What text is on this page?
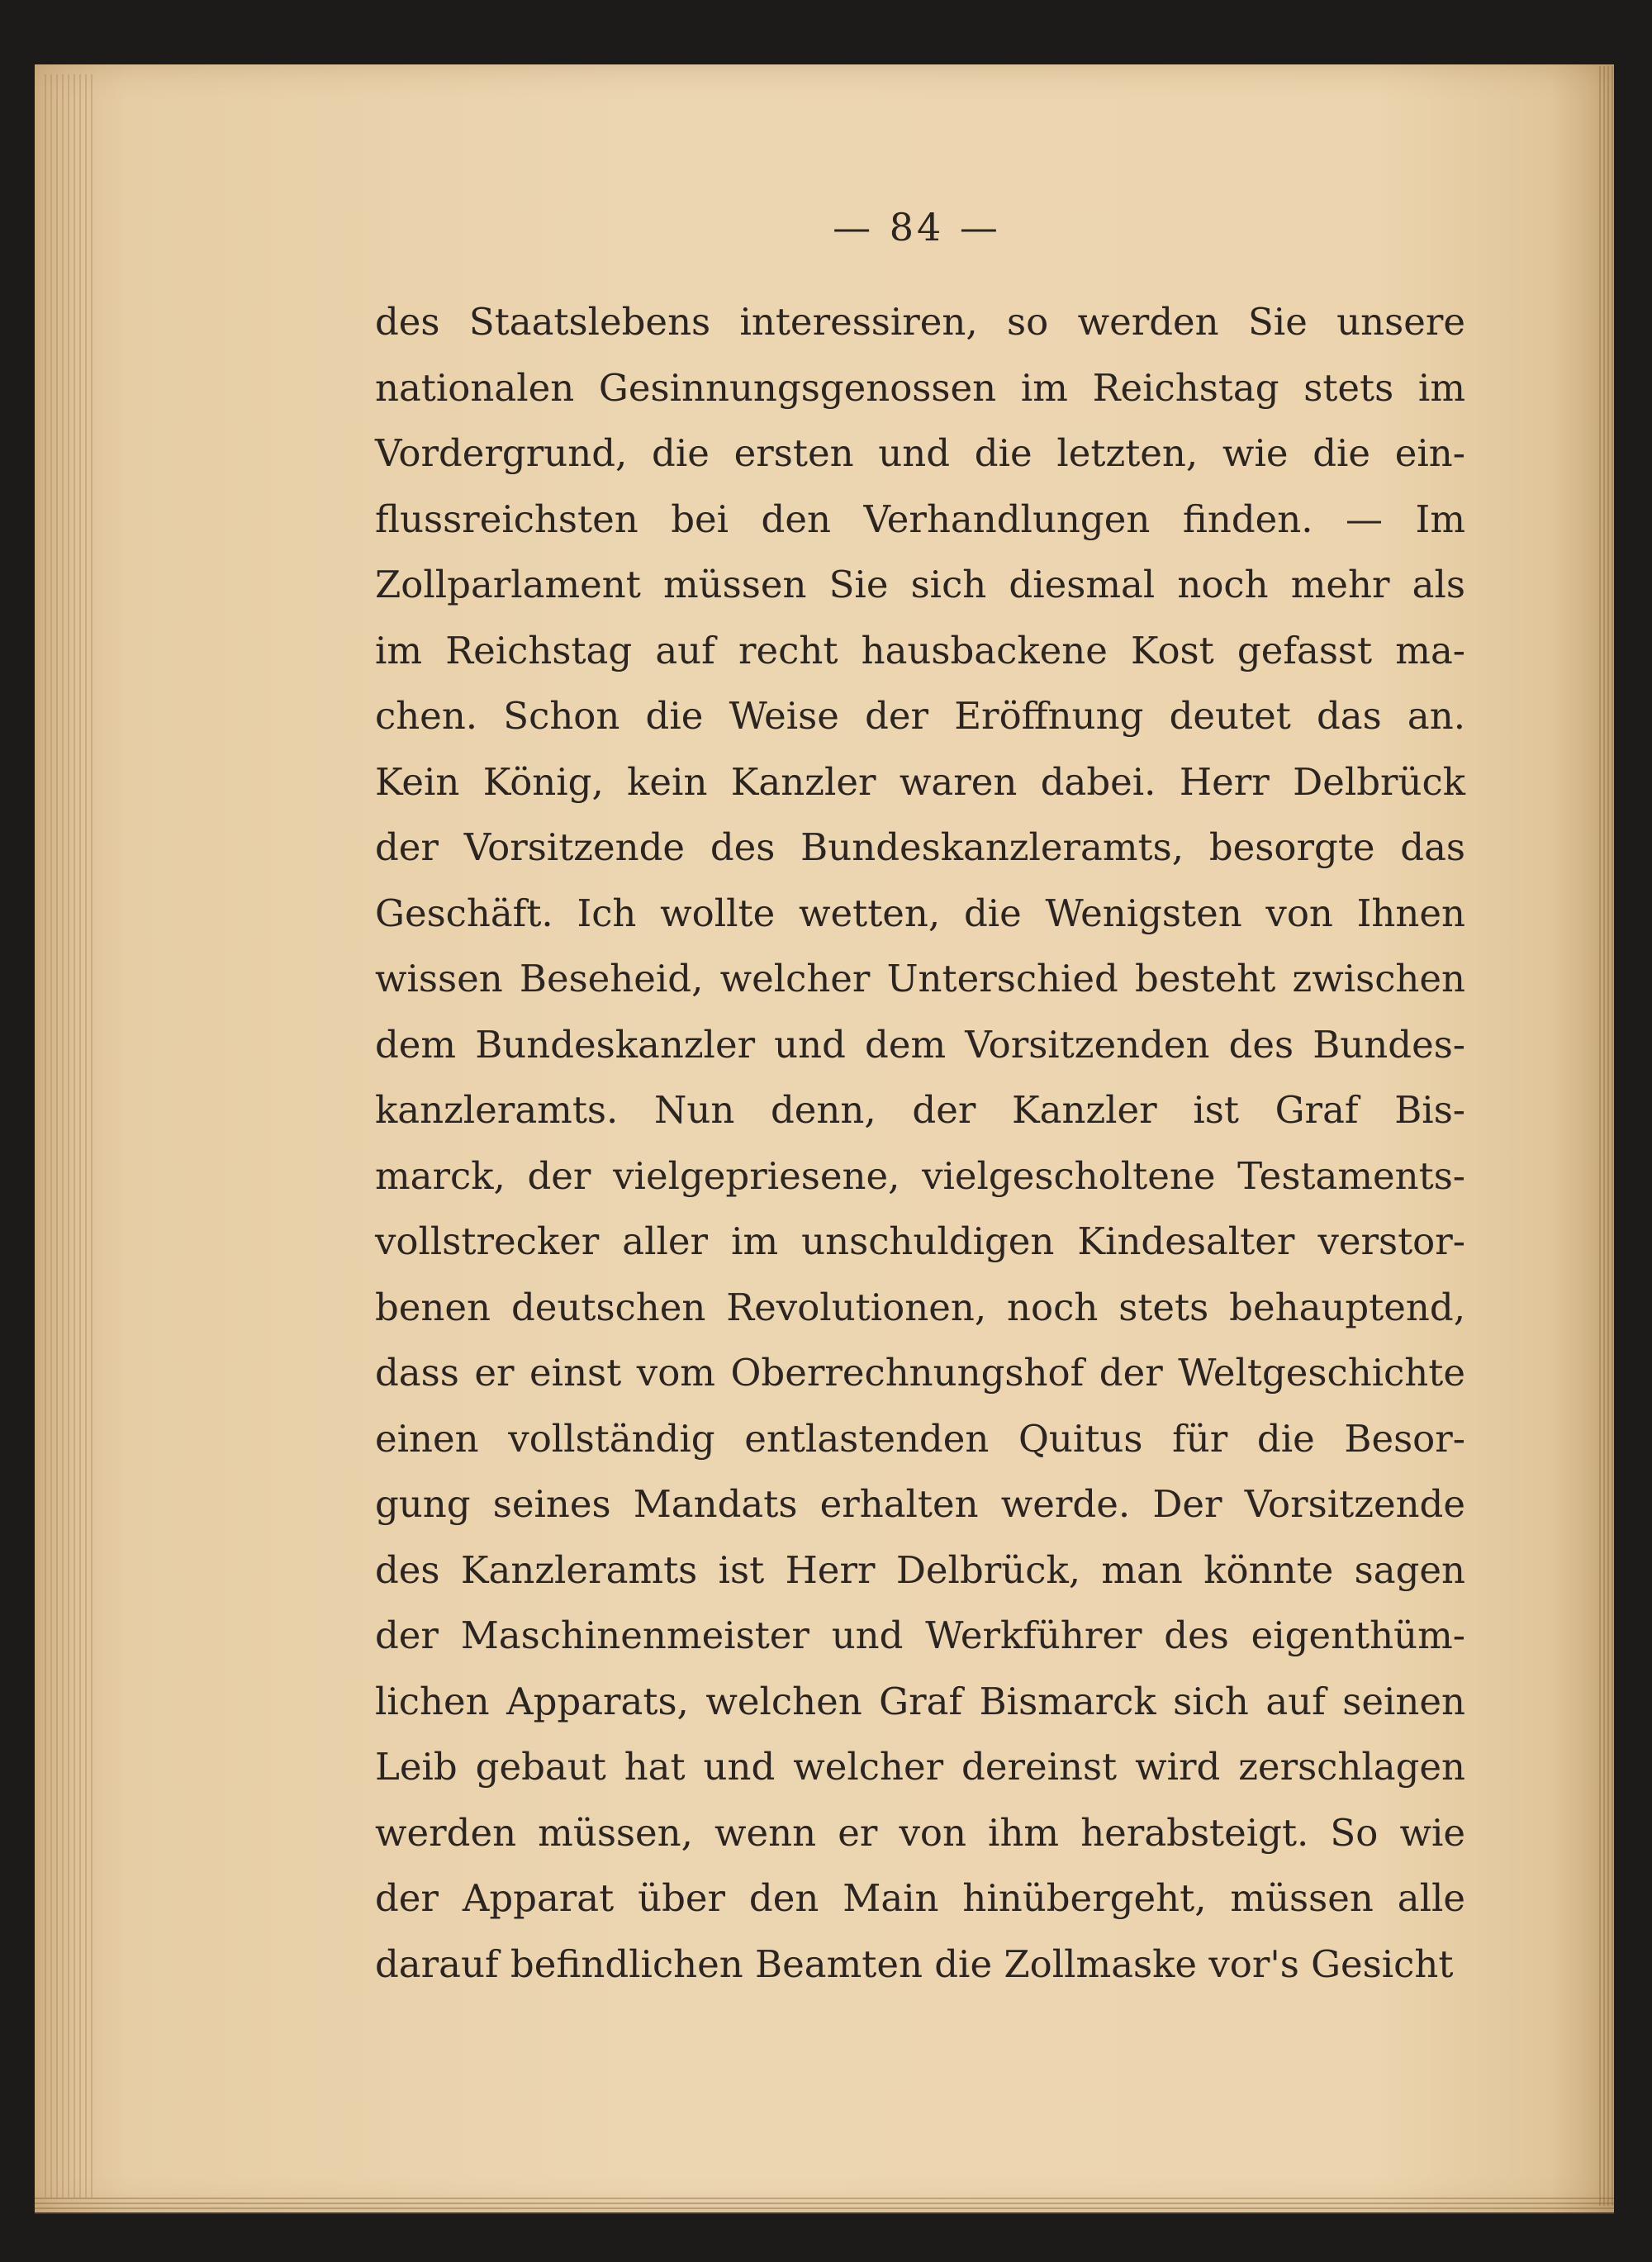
— 84 —
des Staatslebens interessiren, so werden Sie unsere
nationalen Gesinnungsgenossen im Reichstag stets im
Vordergrund, die ersten und die letzten, wie die ein-
flussreichsten bei den Verhandlungen finden. — Im
Zollparlament müssen Sie sich diesmal noch mehr als
im Reichstag auf recht hausbackene Kost gefasst ma-
chen. Schon die Weise der Eröffnung deutet das an.
Kein König, kein Kanzler waren dabei. Herr Delbrück
der Vorsitzende des Bundeskanzleramts, besorgte das
Geschäft. Ich wollte wetten, die Wenigsten von Ihnen
wissen Beseheid, welcher Unterschied besteht zwischen
dem Bundeskanzler und dem Vorsitzenden des Bundes-
kanzleramts. Nun denn, der Kanzler ist Graf Bis-
marck, der vielgepriesene, vielgescholtene Testaments-
vollstrecker aller im unschuldigen Kindesalter verstor-
benen deutschen Revolutionen, noch stets behauptend,
dass er einst vom Oberrechnungshof der Weltgeschichte
einen vollständig entlastenden Quitus für die Besor-
gung seines Mandats erhalten werde. Der Vorsitzende
des Kanzleramts ist Herr Delbrück, man könnte sagen
der Maschinenmeister und Werkführer des eigenthüm-
lichen Apparats, welchen Graf Bismarck sich auf seinen
Leib gebaut hat und welcher dereinst wird zerschlagen
werden müssen, wenn er von ihm herabsteigt. So wie
der Apparat über den Main hinübergeht, müssen alle
darauf befindlichen Beamten die Zollmaske vor's Gesicht
